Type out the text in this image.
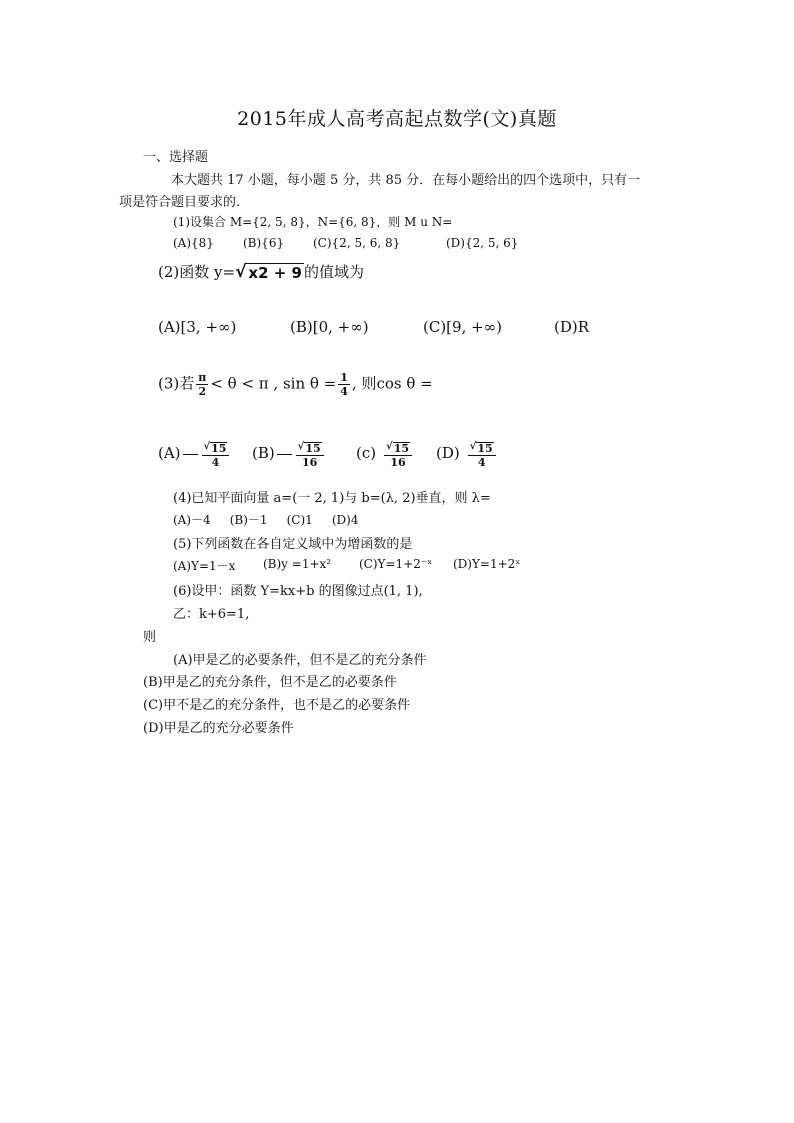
2015年成人高考高起点数学(文)真题
一、选择题
本大题共 17 小题，每小题 5 分，共 85 分．在每小题给出的四个选项中，只有一
项是符合题目要求的.
(1)设集合 M={2, 5, 8}，N={6, 8}，则 M u N=
(A){8} (B){6} (C){2, 5, 6, 8}	(D){2, 5, 6}
(2)函数 y= √ x2 + 9 的值域为
(A)[3, +∞)	(B)[0, +∞)	(C)[9, +∞)	(D)R
(3)若 $\frac{\pi}{2} < \theta < \pi$ , $\sin \theta = \frac{1}{4}$ , 则cos θ =
$(A) \frac{√ 15}{4} (B) \frac{√ 15}{16} (c) \frac{√ 15}{16} (D) \frac{√ 15}{4}$
(4)已知平面向量 a=(一 2, 1)与 b=(λ, 2)垂直，则 λ=
(A)－4     (B)－1     (C)1     (D)4
(5)下列函数在各自定义域中为增函数的是
(A)Y=1－x (B)y =1+x² (C)Y=1+2⁻ˣ (D)Y=1+2ˣ
(6)设甲：函数 Y=kx+b 的图像过点(1, 1),
乙：k+6=1,
则
(A)甲是乙的必要条件，但不是乙的充分条件
(B)甲是乙的充分条件，但不是乙的必要条件
(C)甲不是乙的充分条件，也不是乙的必要条件
(D)甲是乙的充分必要条件
